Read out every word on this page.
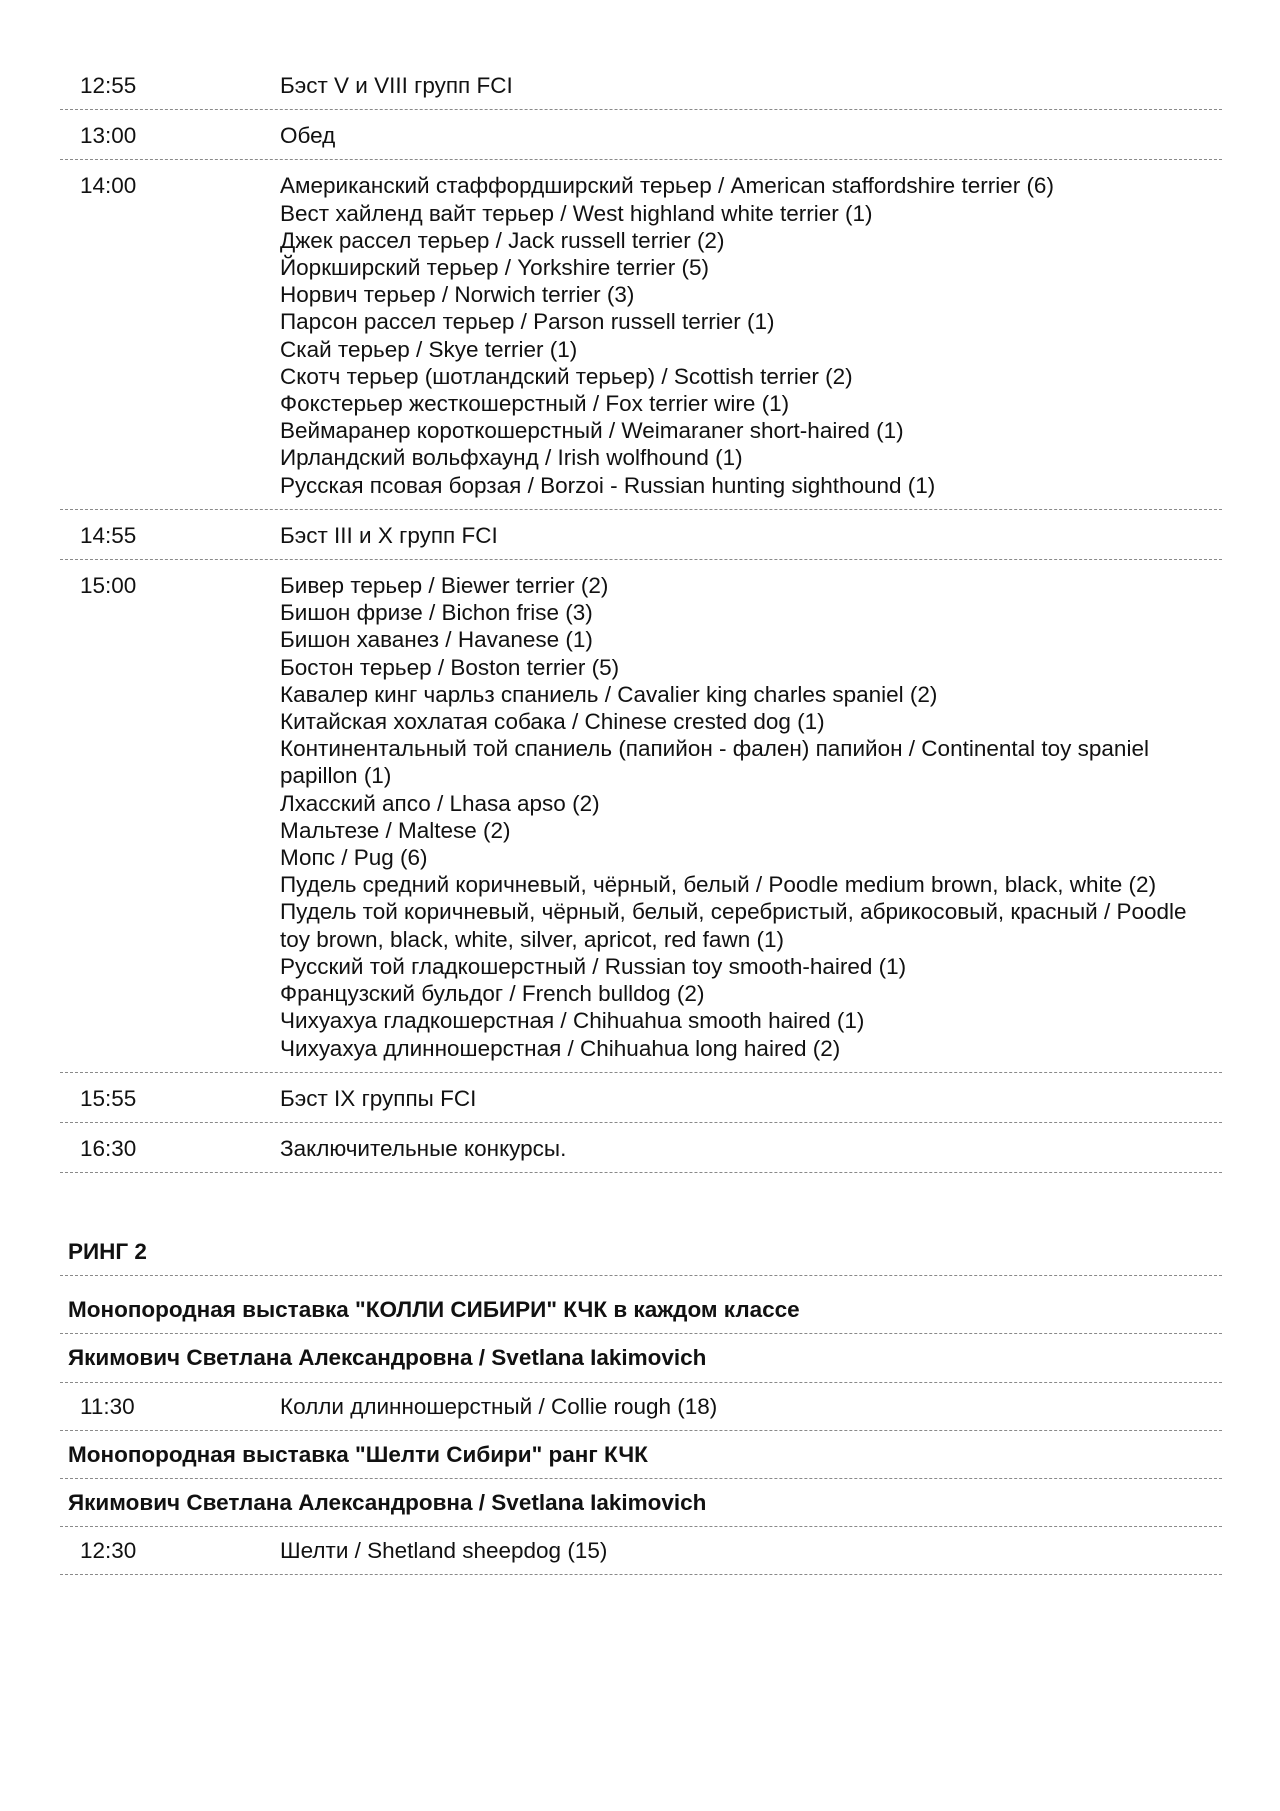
12:55	Бэст V и VIII групп FCI
13:00	Обед
14:00	Американский стаффордширский терьер / American staffordshire terrier (6)
Вест хайленд вайт терьер / West highland white terrier (1)
Джек рассел терьер / Jack russell terrier (2)
Йоркширский терьер / Yorkshire terrier (5)
Норвич терьер / Norwich terrier (3)
Парсон рассел терьер / Parson russell terrier (1)
Скай терьер / Skye terrier (1)
Скотч терьер (шотландский терьер) / Scottish terrier (2)
Фокстерьер жесткошерстный / Fox terrier wire (1)
Веймаранер короткошерстный / Weimaraner short-haired (1)
Ирландский вольфхаунд / Irish wolfhound (1)
Русская псовая борзая / Borzoi - Russian hunting sighthound (1)
14:55	Бэст III и X групп FCI
15:00	Бивер терьер / Biewer terrier (2)
Бишон фризе / Bichon frise (3)
Бишон хаванез / Havanese (1)
Бостон терьер / Boston terrier (5)
Кавалер кинг чарльз спаниель / Cavalier king charles spaniel (2)
Китайская хохлатая собака / Chinese crested dog (1)
Континентальный той спаниель (папийон - фален) папийон / Continental toy spaniel papillon (1)
Лхасский апсо / Lhasa apso (2)
Мальтезе / Maltese (2)
Мопс / Pug (6)
Пудель средний коричневый, чёрный, белый / Poodle medium brown, black, white (2)
Пудель той коричневый, чёрный, белый, серебристый, абрикосовый, красный / Poodle toy brown, black, white, silver, apricot, red fawn (1)
Русский той гладкошерстный / Russian toy smooth-haired (1)
Французский бульдог / French bulldog (2)
Чихуахуа гладкошерстная / Chihuahua smooth haired (1)
Чихуахуа длинношерстная / Chihuahua long haired (2)
15:55	Бэст IX группы FCI
16:30	Заключительные конкурсы.
РИНГ 2
Монопородная выставка "КОЛЛИ СИБИРИ" КЧК в каждом классе
Якимович Светлана Александровна / Svetlana Iakimovich
11:30	Колли длинношерстный / Collie rough (18)
Монопородная выставка "Шелти Сибири" ранг КЧК
Якимович Светлана Александровна / Svetlana Iakimovich
12:30	Шелти / Shetland sheepdog (15)
